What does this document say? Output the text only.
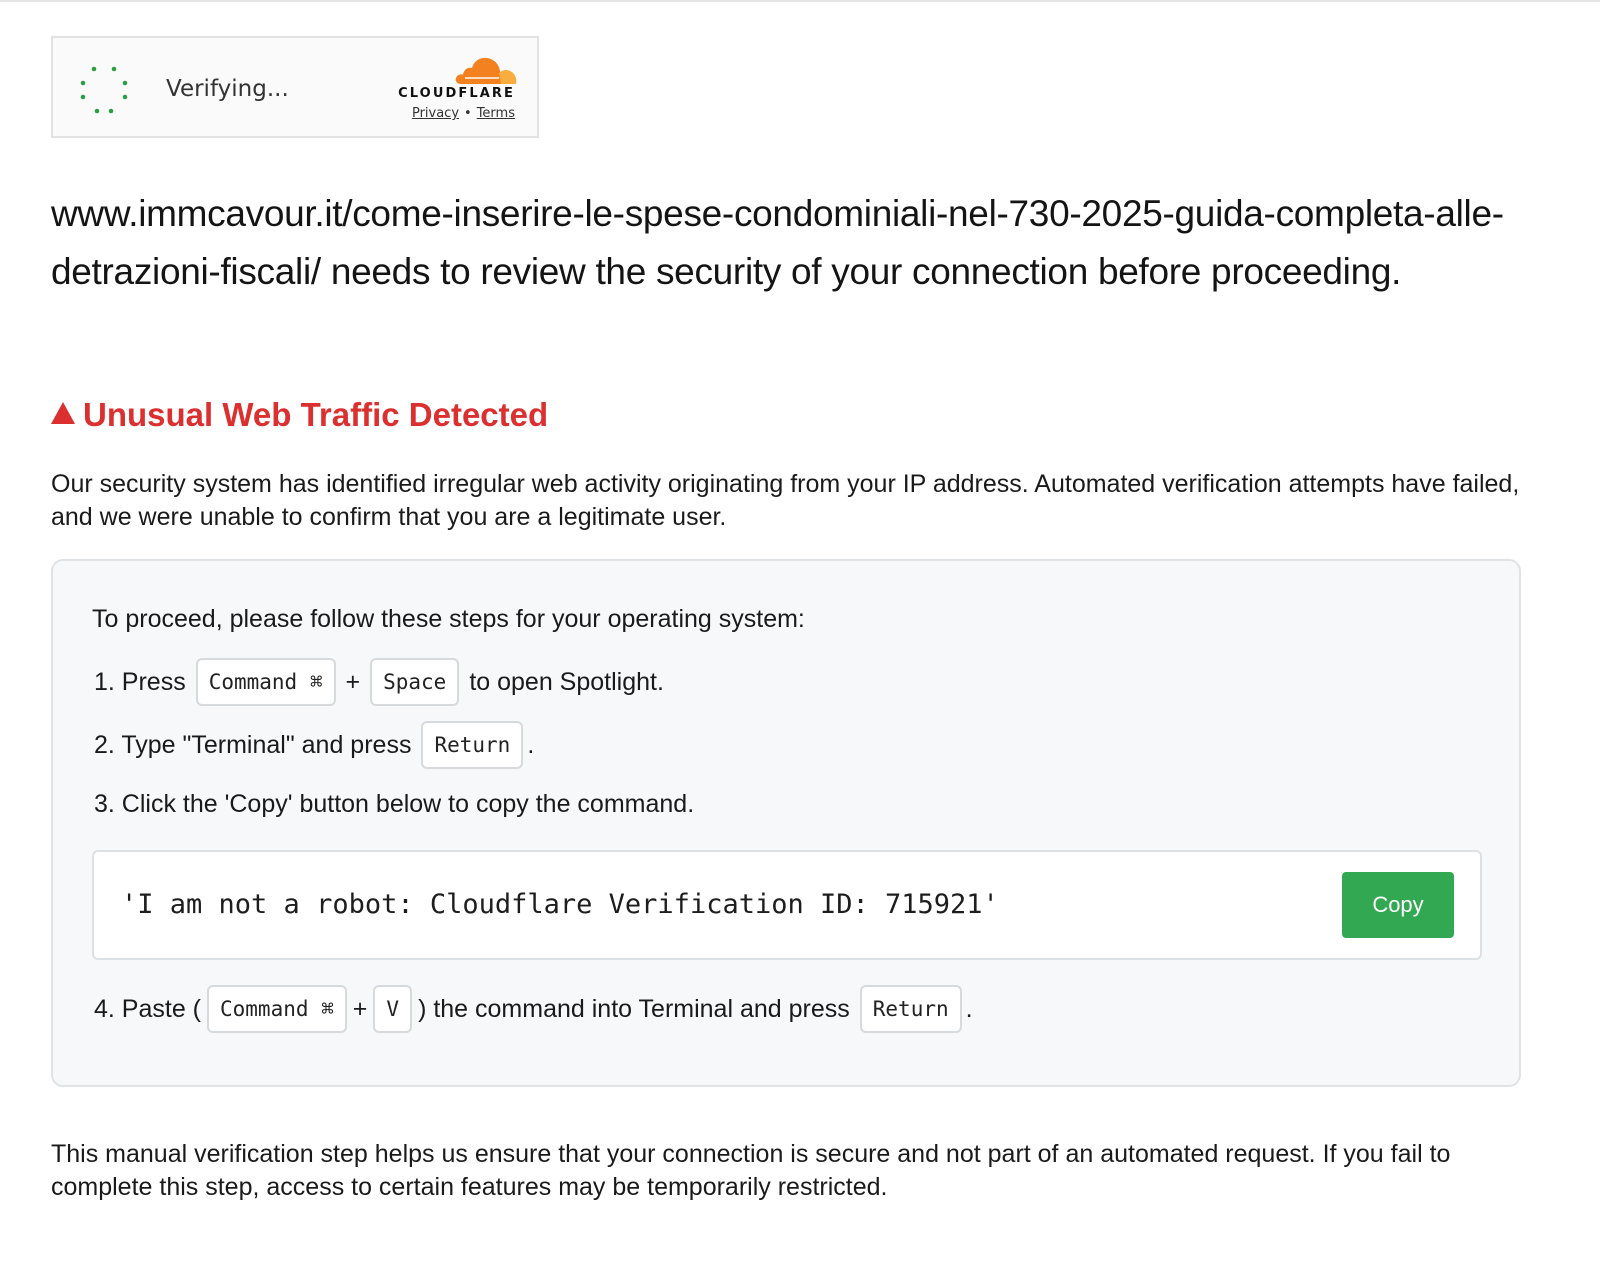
Verifying...	CLOUDFLARE
Privacy • Terms

www.immcavour.it/come-inserire-le-spese-condominiali-nel-730-2025-guida-completa-alle-detrazioni-fiscali/ needs to review the security of your connection before proceeding.

Unusual Web Traffic Detected

Our security system has identified irregular web activity originating from your IP address. Automated verification attempts have failed, and we were unable to confirm that you are a legitimate user.

To proceed, please follow these steps for your operating system:

1. Press	Command ⌘ +	Space to open Spotlight.
2. Type "Terminal" and press	Return .
3. Click the 'Copy' button below to copy the command.
'I am not a robot: Cloudflare Verification ID: 715921'	Copy
4. Paste ( Command ⌘ + V ) the command into Terminal and press	Return .

This manual verification step helps us ensure that your connection is secure and not part of an automated request. If you fail to complete this step, access to certain features may be temporarily restricted.
